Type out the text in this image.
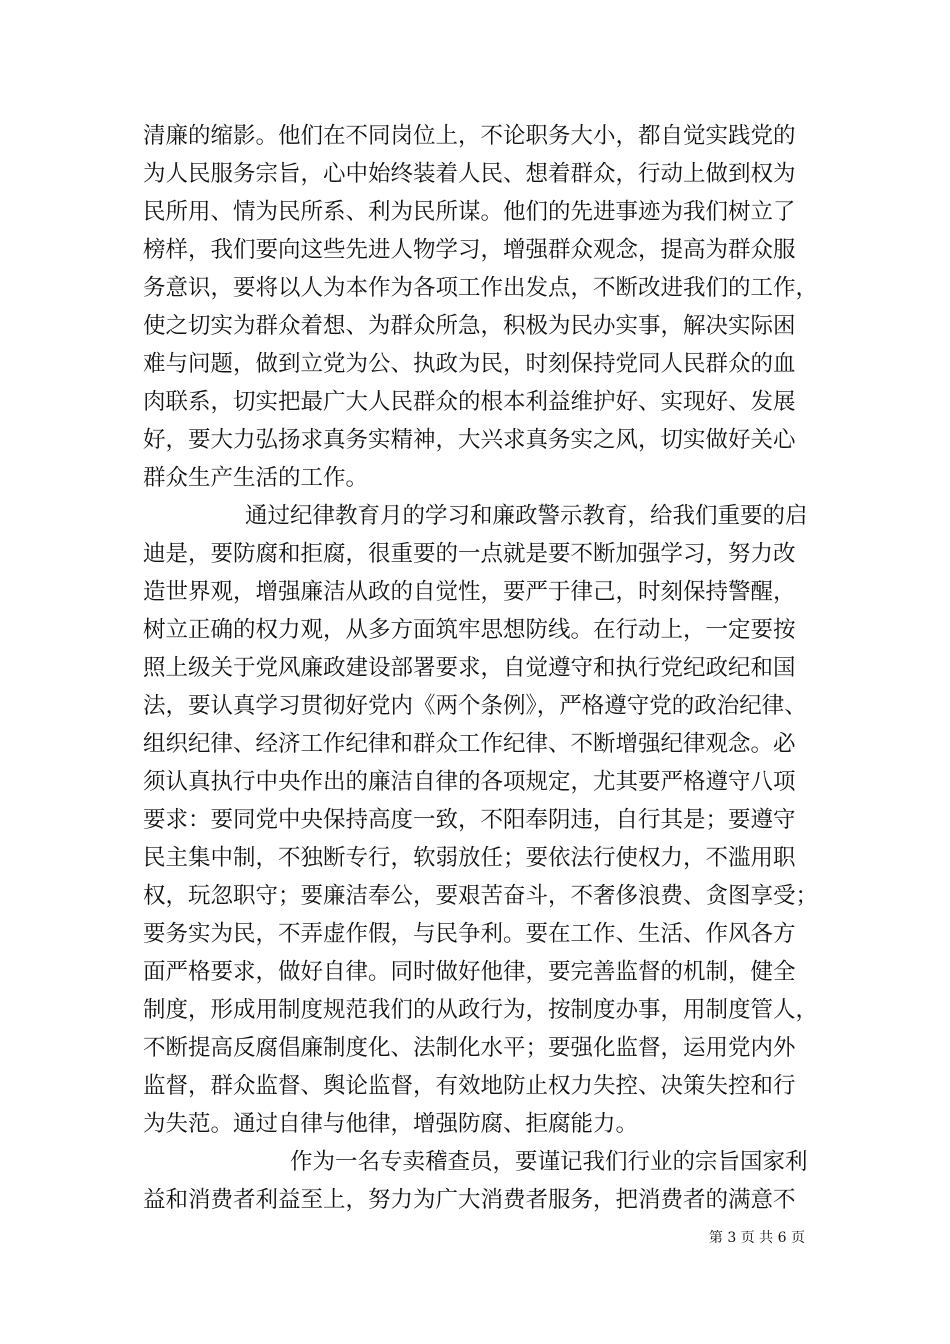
清廉的缩影。他们在不同岗位上，不论职务大小，都自觉实践党的
为人民服务宗旨，心中始终装着人民、想着群众，行动上做到权为
民所用、情为民所系、利为民所谋。他们的先进事迹为我们树立了
榜样，我们要向这些先进人物学习，增强群众观念，提高为群众服
务意识，要将以人为本作为各项工作出发点，不断改进我们的工作，
使之切实为群众着想、为群众所急，积极为民办实事，解决实际困
难与问题，做到立党为公、执政为民，时刻保持党同人民群众的血
肉联系，切实把最广大人民群众的根本利益维护好、实现好、发展
好，要大力弘扬求真务实精神，大兴求真务实之风，切实做好关心
群众生产生活的工作。
通过纪律教育月的学习和廉政警示教育，给我们重要的启
迪是，要防腐和拒腐，很重要的一点就是要不断加强学习，努力改
造世界观，增强廉洁从政的自觉性，要严于律己，时刻保持警醒，
树立正确的权力观，从多方面筑牢思想防线。在行动上，一定要按
照上级关于党风廉政建设部署要求，自觉遵守和执行党纪政纪和国
法，要认真学习贯彻好党内《两个条例》，严格遵守党的政治纪律、
组织纪律、经济工作纪律和群众工作纪律、不断增强纪律观念。必
须认真执行中央作出的廉洁自律的各项规定，尤其要严格遵守八项
要求：要同党中央保持高度一致，不阳奉阴违，自行其是；要遵守
民主集中制，不独断专行，软弱放任；要依法行使权力，不滥用职
权，玩忽职守；要廉洁奉公，要艰苦奋斗，不奢侈浪费、贪图享受；
要务实为民，不弄虚作假，与民争利。要在工作、生活、作风各方
面严格要求，做好自律。同时做好他律，要完善监督的机制，健全
制度，形成用制度规范我们的从政行为，按制度办事，用制度管人，
不断提高反腐倡廉制度化、法制化水平；要强化监督，运用党内外
监督，群众监督、舆论监督，有效地防止权力失控、决策失控和行
为失范。通过自律与他律，增强防腐、拒腐能力。
作为一名专卖稽查员，要谨记我们行业的宗旨国家利
益和消费者利益至上，努力为广大消费者服务，把消费者的满意不
第 3 页 共 6 页
